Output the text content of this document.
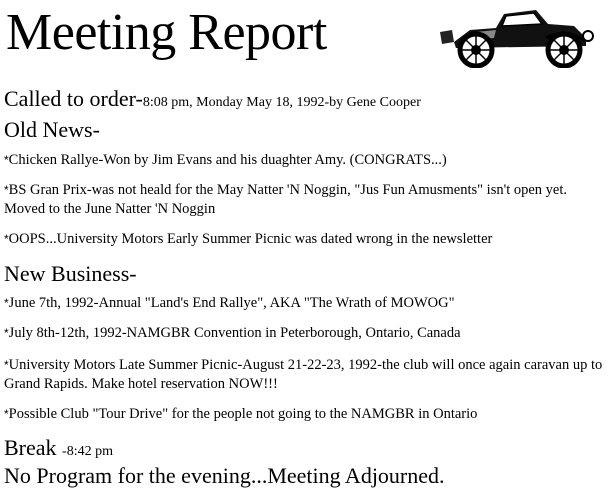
Meeting Report
Called to order-8:08 pm, Monday May 18, 1992-by Gene Cooper
Old News-
*Chicken Rallye-Won by Jim Evans and his duaghter Amy. (CONGRATS...)
*BS Gran Prix-was not heald for the May Natter 'N Noggin, "Jus Fun Amusments" isn't open yet. Moved to the June Natter 'N Noggin
*OOPS...University Motors Early Summer Picnic was dated wrong in the newsletter
New Business-
*June 7th, 1992-Annual "Land's End Rallye", AKA "The Wrath of MOWOG"
*July 8th-12th, 1992-NAMGBR Convention in Peterborough, Ontario, Canada
*University Motors Late Summer Picnic-August 21-22-23, 1992-the club will once again caravan up to Grand Rapids. Make hotel reservation NOW!!!
*Possible Club "Tour Drive" for the people not going to the NAMGBR in Ontario
Break -8:42 pm
No Program for the evening...Meeting Adjourned.
